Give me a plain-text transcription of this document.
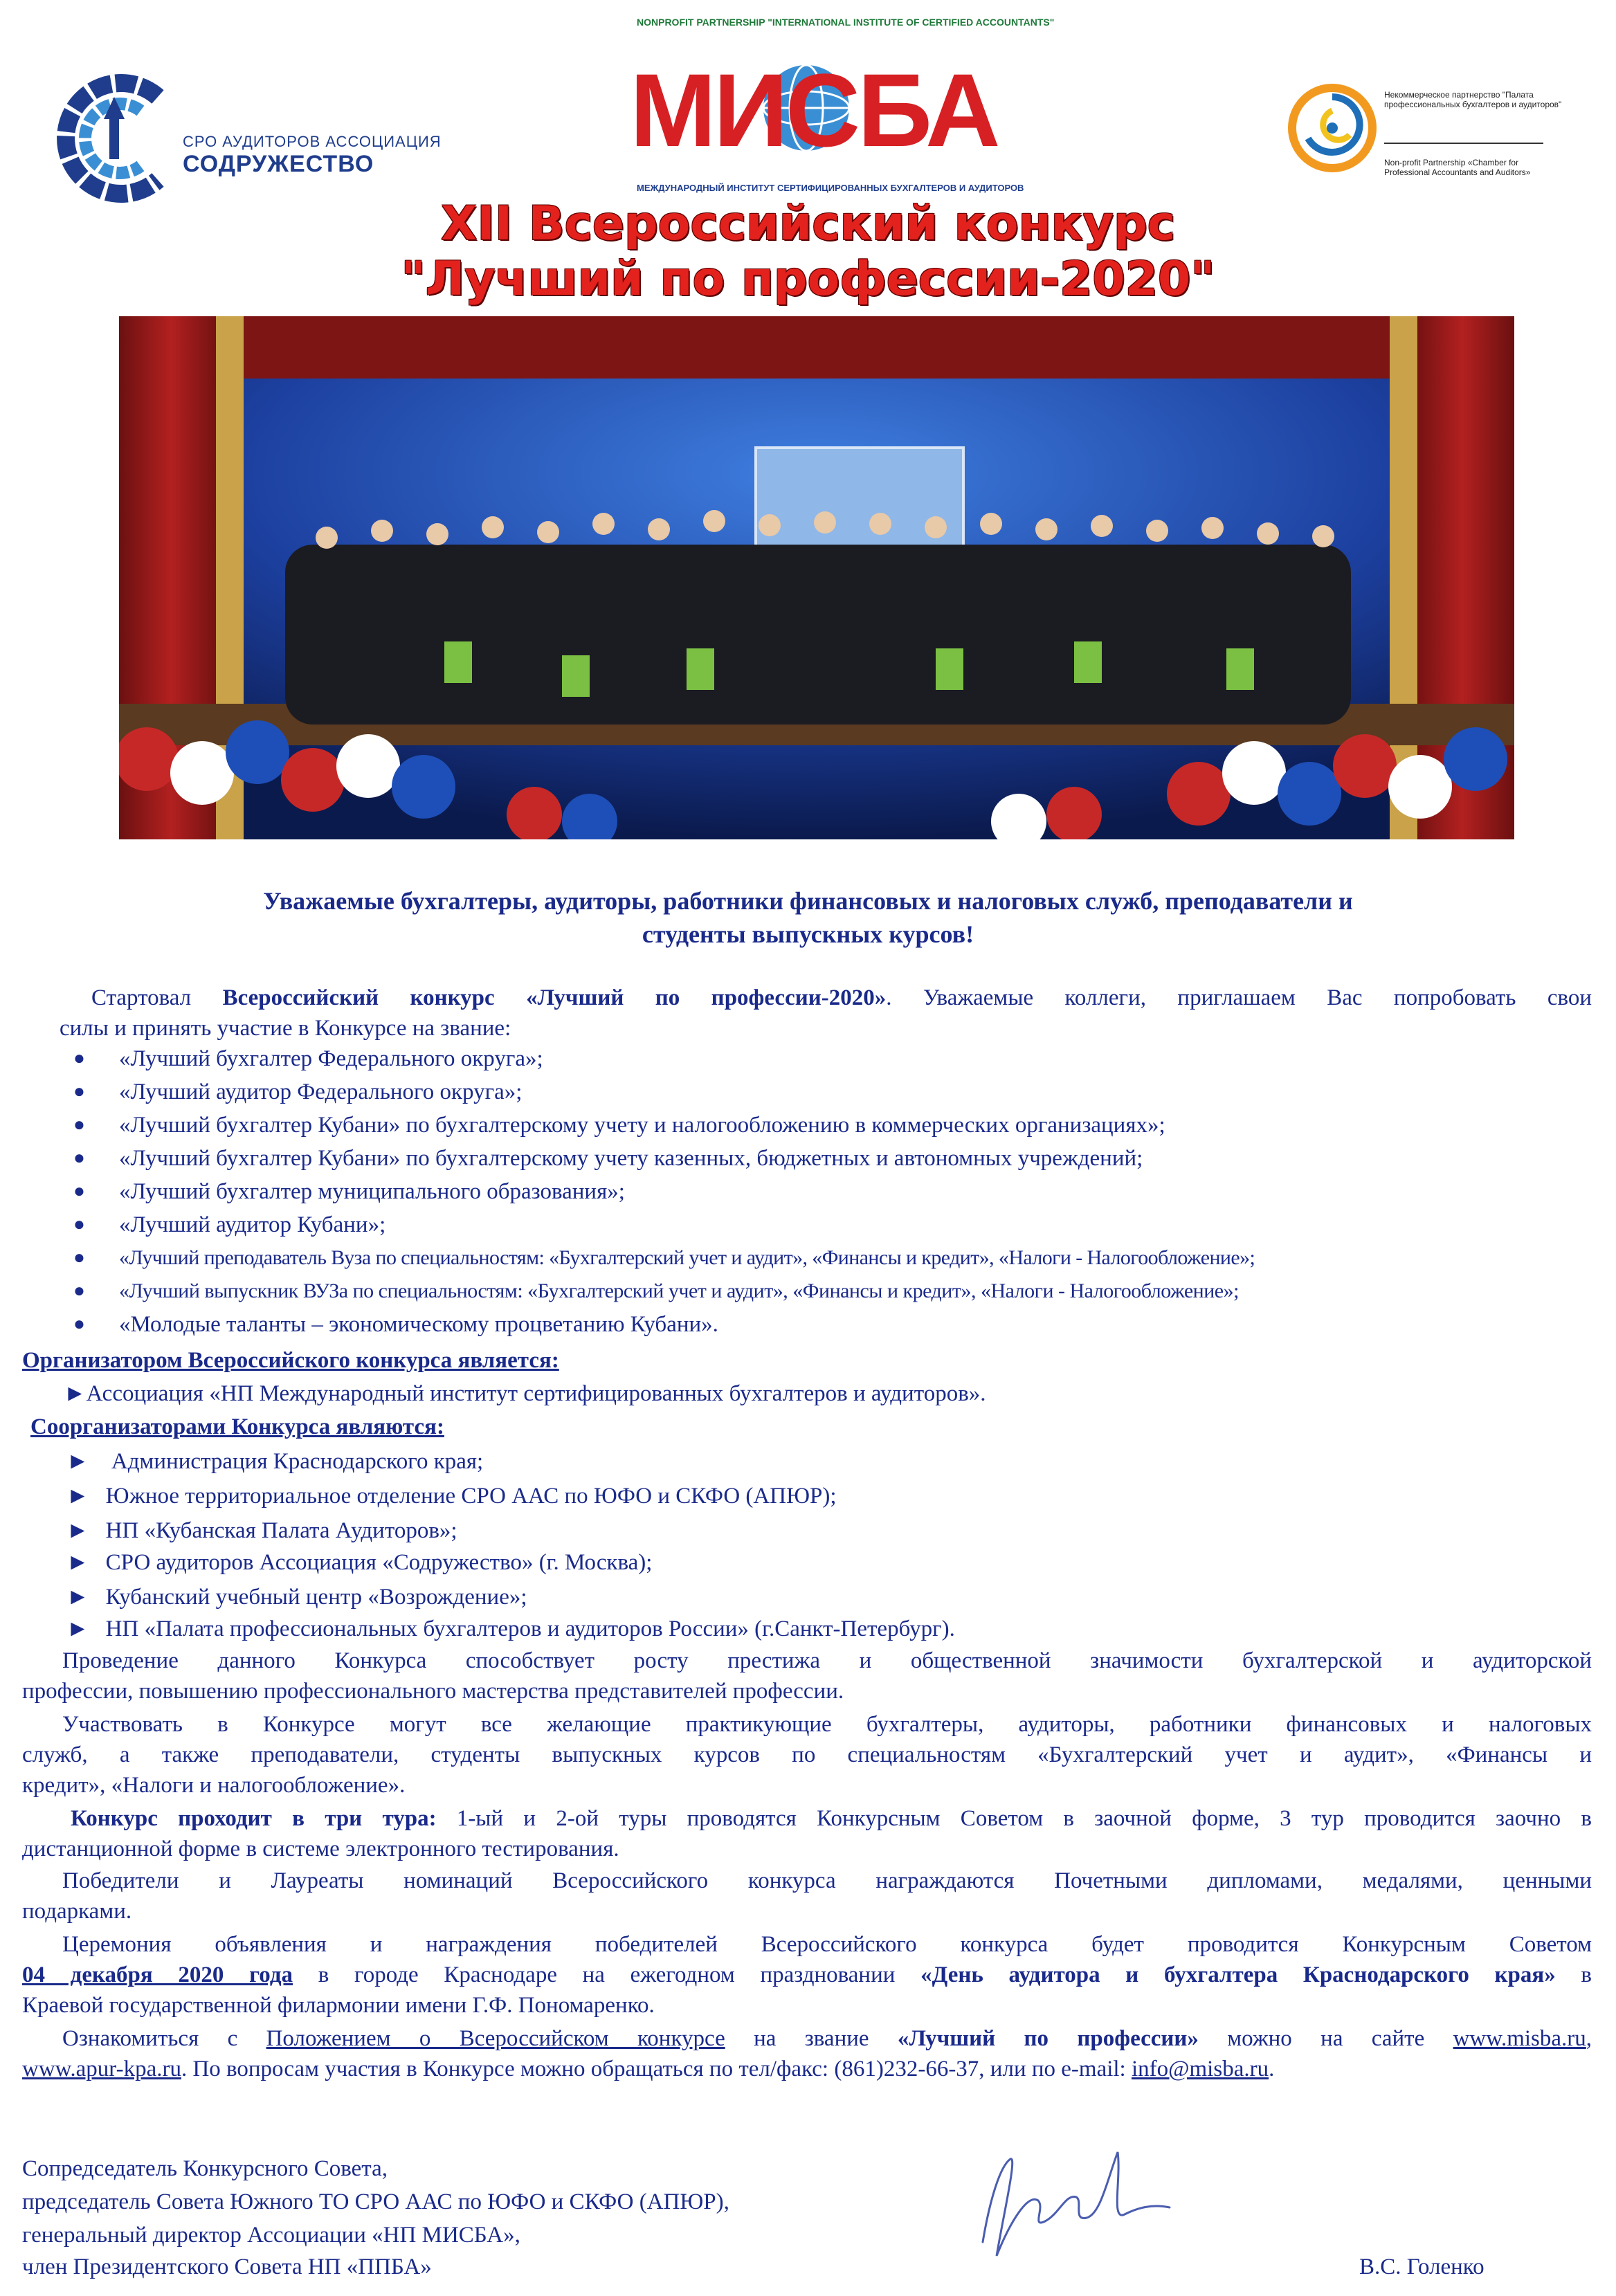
СРО АУДИТОРОВ АССОЦИАЦИЯ
СОДРУЖЕСТВО
NONPROFIT PARTNERSHIP "INTERNATIONAL INSTITUTE OF CERTIFIED ACCOUNTANTS"
МИСБА
МЕЖДУНАРОДНЫЙ ИНСТИТУТ СЕРТИФИЦИРОВАННЫХ БУХГАЛТЕРОВ И АУДИТОРОВ
Некоммерческое партнерство "Палата профессиональных бухгалтеров и аудиторов"
Non-profit Partnership «Chamber for Professional Accountants and Auditors»
XII Всероссийский конкурс
"Лучший по профессии-2020"
Уважаемые бухгалтеры, аудиторы, работники финансовых и налоговых служб, преподаватели и
студенты выпускных курсов!
Стартовал Всероссийский конкурс «Лучший по профессии-2020». Уважаемые коллеги, приглашаем Вас попробовать свои
силы и принять участие в Конкурсе на звание:
● «Лучший бухгалтер Федерального округа»;
● «Лучший аудитор Федерального округа»;
● «Лучший бухгалтер Кубани» по бухгалтерскому учету и налогообложению в коммерческих организациях»;
● «Лучший бухгалтер Кубани» по бухгалтерскому учету казенных, бюджетных и автономных учреждений;
● «Лучший бухгалтер муниципального образования»;
● «Лучший аудитор Кубани»;
● «Лучший преподаватель Вуза по специальностям: «Бухгалтерский учет и аудит», «Финансы и кредит», «Налоги - Налогообложение»;
● «Лучший выпускник ВУЗа по специальностям: «Бухгалтерский учет и аудит», «Финансы и кредит», «Налоги - Налогообложение»;
● «Молодые таланты – экономическому процветанию Кубани».
Организатором Всероссийского конкурса является:
►Ассоциация «НП Международный институт сертифицированных бухгалтеров и аудиторов».
Соорганизаторами Конкурса являются:
► Администрация Краснодарского края;
► Южное территориальное отделение СРО ААС по ЮФО и СКФО (АПЮР);
► НП «Кубанская Палата Аудиторов»;
► СРО аудиторов Ассоциация «Содружество» (г. Москва);
► Кубанский учебный центр «Возрождение»;
► НП «Палата профессиональных бухгалтеров и аудиторов России» (г.Санкт-Петербург).
Проведение данного Конкурса способствует росту престижа и общественной значимости бухгалтерской и аудиторской
профессии, повышению профессионального мастерства представителей профессии.
Участвовать в Конкурсе могут все желающие практикующие бухгалтеры, аудиторы, работники финансовых и налоговых
служб, а также преподаватели, студенты выпускных курсов по специальностям «Бухгалтерский учет и аудит», «Финансы и
кредит», «Налоги и налогообложение».
Конкурс проходит в три тура: 1-ый и 2-ой туры проводятся Конкурсным Советом в заочной форме, 3 тур проводится заочно в
дистанционной форме в системе электронного тестирования.
Победители и Лауреаты номинаций Всероссийского конкурса награждаются Почетными дипломами, медалями, ценными
подарками.
Церемония объявления и награждения победителей Всероссийского конкурса будет проводится Конкурсным Советом
04 декабря 2020 года в городе Краснодаре на ежегодном праздновании «День аудитора и бухгалтера Краснодарского края» в
Краевой государственной филармонии имени Г.Ф. Пономаренко.
Ознакомиться с Положением о Всероссийском конкурсе на звание «Лучший по профессии» можно на сайте www.misba.ru,
www.apur-kpa.ru. По вопросам участия в Конкурсе можно обращаться по тел/факс: (861)232-66-37, или по e-mail: info@misba.ru.
Сопредседатель Конкурсного Совета,
председатель Совета Южного ТО СРО ААС по ЮФО и СКФО (АПЮР),
генеральный директор Ассоциации «НП МИСБА»,
член Президентского Совета НП «ППБА»	В.С. Голенко
